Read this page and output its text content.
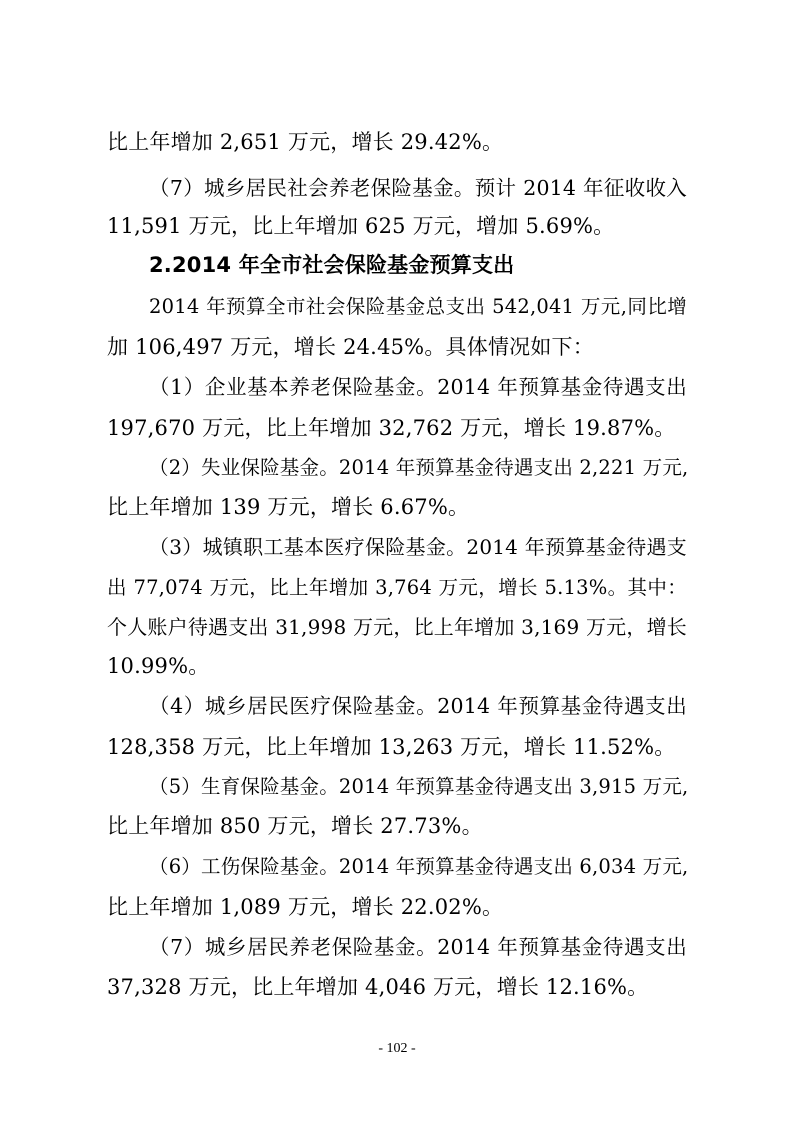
比上年增加 2,651 万元，增长 29.42%。
（7）城乡居民社会养老保险基金。预计 2014 年征收收入
11,591 万元，比上年增加 625 万元，增加 5.69%。
2.2014 年全市社会保险基金预算支出
2014 年预算全市社会保险基金总支出 542,041 万元,同比增
加 106,497 万元，增长 24.45%。具体情况如下：
（1）企业基本养老保险基金。2014 年预算基金待遇支出
197,670 万元，比上年增加 32,762 万元，增长 19.87%。
（2）失业保险基金。2014 年预算基金待遇支出 2,221 万元,
比上年增加 139 万元，增长 6.67%。
（3）城镇职工基本医疗保险基金。2014 年预算基金待遇支
出 77,074 万元，比上年增加 3,764 万元，增长 5.13%。其中：
个人账户待遇支出 31,998 万元，比上年增加 3,169 万元，增长
10.99%。
（4）城乡居民医疗保险基金。2014 年预算基金待遇支出
128,358 万元，比上年增加 13,263 万元，增长 11.52%。
（5）生育保险基金。2014 年预算基金待遇支出 3,915 万元,
比上年增加 850 万元，增长 27.73%。
（6）工伤保险基金。2014 年预算基金待遇支出 6,034 万元,
比上年增加 1,089 万元，增长 22.02%。
（7）城乡居民养老保险基金。2014 年预算基金待遇支出
37,328 万元，比上年增加 4,046 万元，增长 12.16%。
- 102 -
